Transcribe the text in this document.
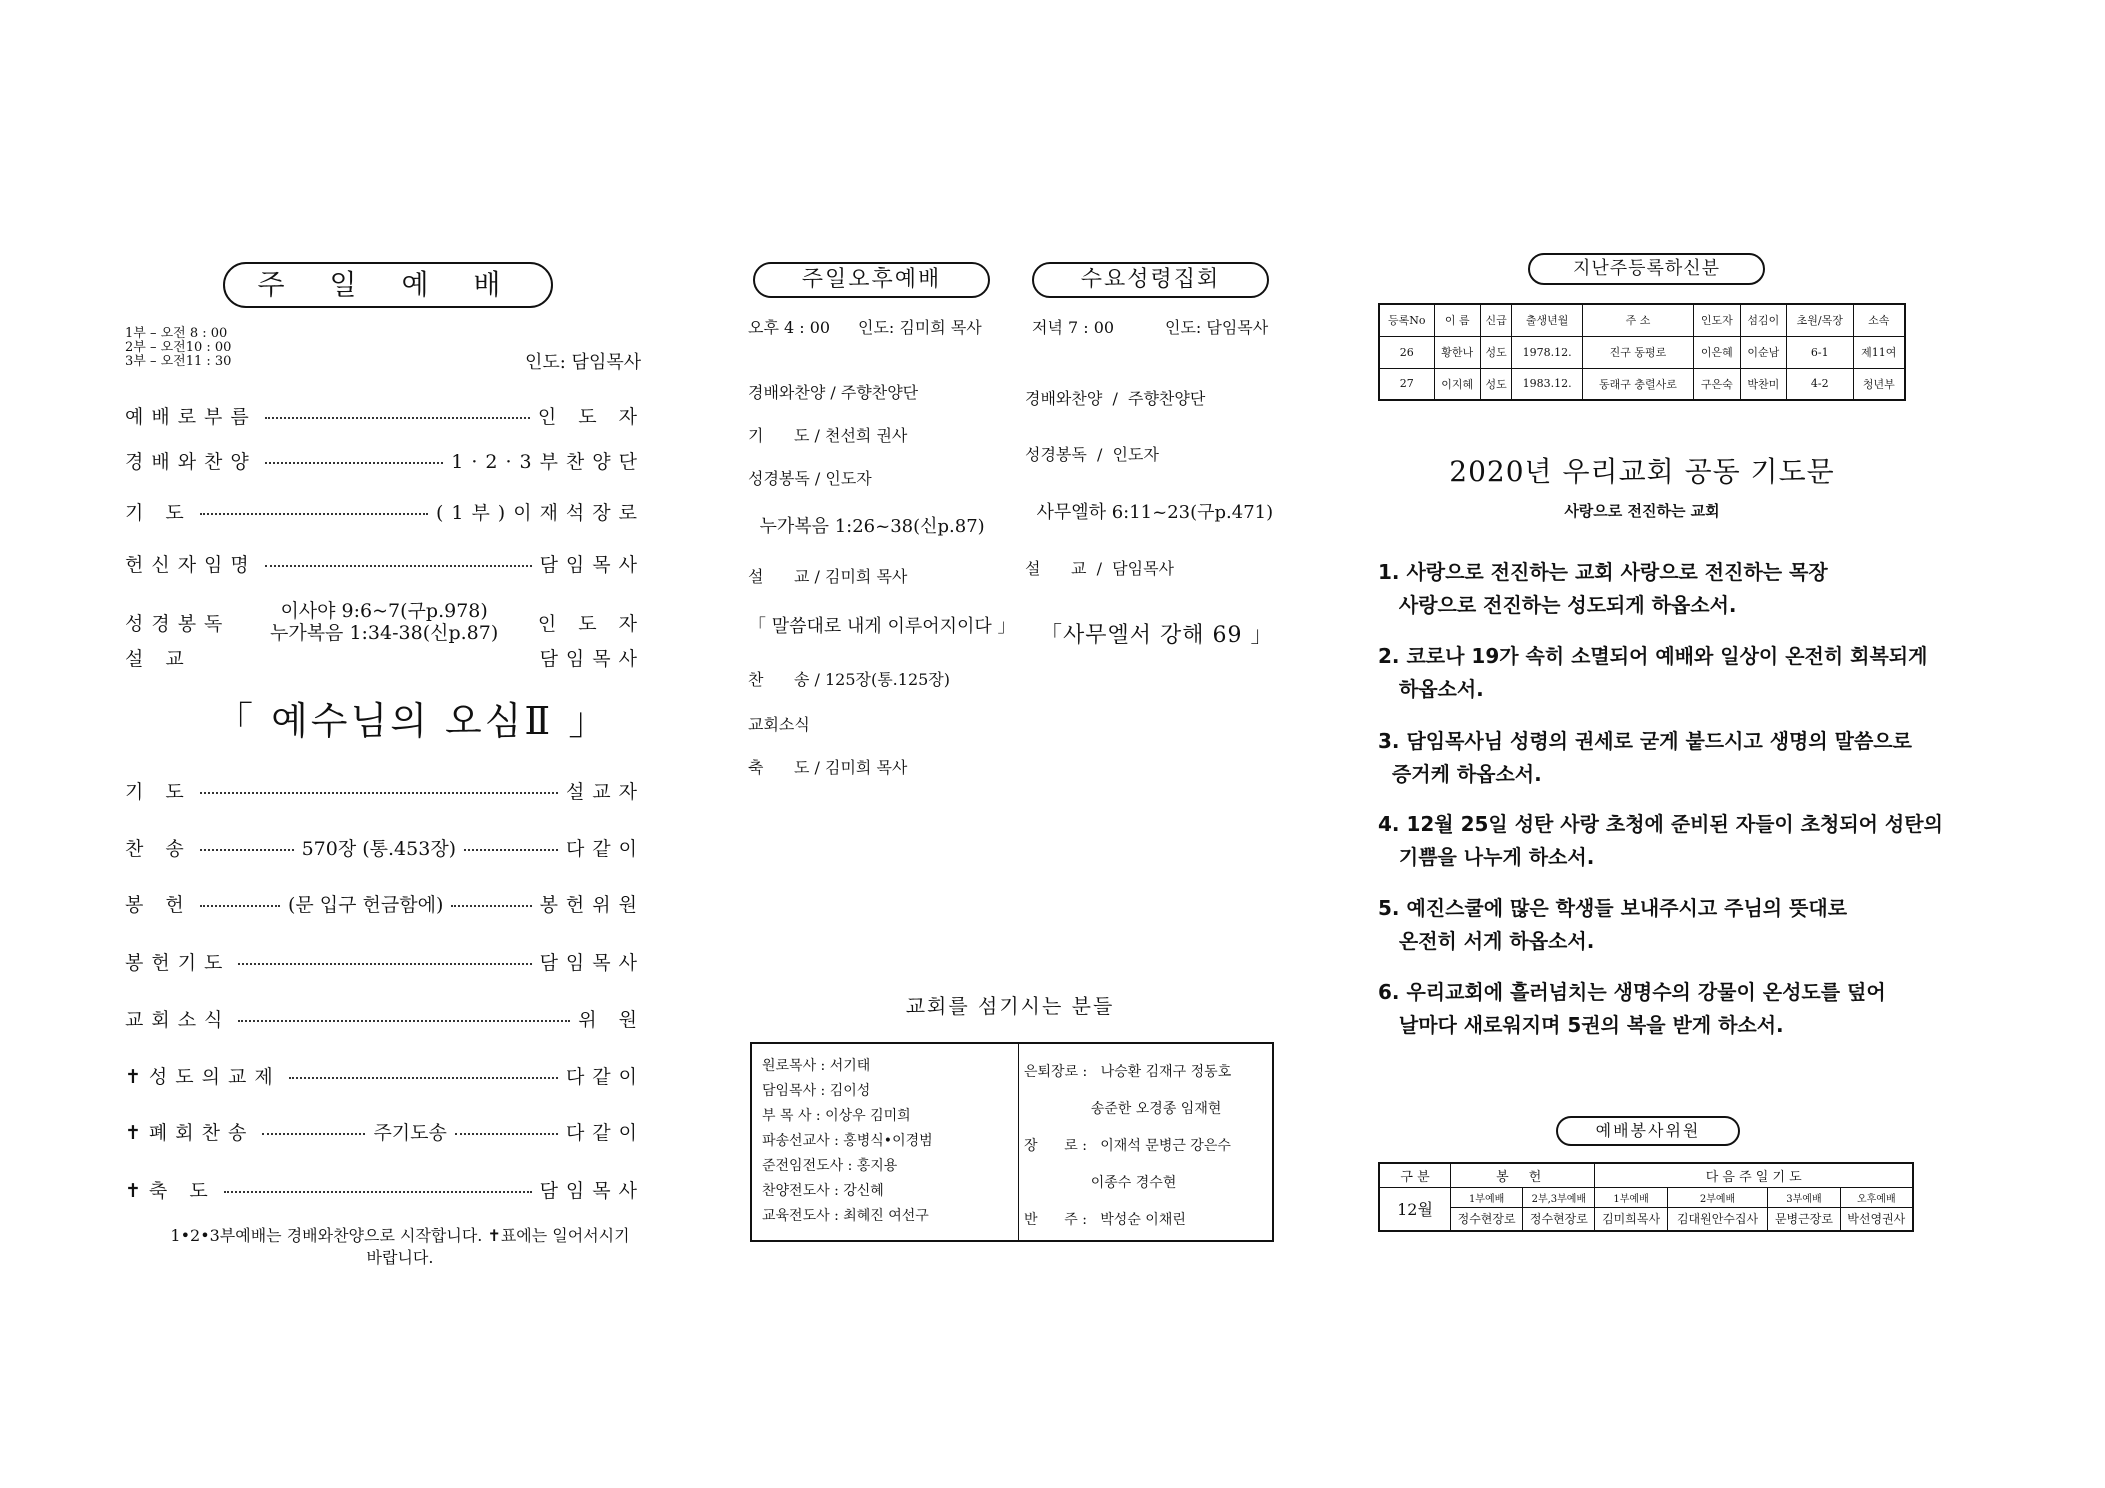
주 일 예 배
1부 – 오전 8 : 00
2부 – 오전10 : 00
3부 – 오전11 : 30	인도: 담임목사
예배로부름	인 도 자
경배와찬양	1·2·3부찬양단
기 도	(1부)이재석장로
헌신자임명	담임목사
성경봉독
이사야 9:6~7(구p.978)
누가복음 1:34-38(신p.87)	인 도 자
설 교	담임목사
「 예수님의 오심Ⅱ 」
기 도	설교자
찬 송	570장 (통.453장)	다같이
봉 헌	(문 입구 헌금함에)	봉헌위원
봉헌기도	담임목사
교회소식	위 원
✝성도의교제	다같이
✝폐회찬송	주기도송	다같이
✝축 도	담임목사
1•2•3부예배는 경배와찬양으로 시작합니다. ✝표에는 일어서시기
바랍니다.
주일오후예배	수요성령집회
오후 4 : 00 인도: 김미희 목사	저녁 7 : 00	인도: 담임목사
경배와찬양 / 주향찬양단
기      도 / 천선희 권사
성경봉독 / 인도자
누가복음 1:26~38(신p.87)
설      교 / 김미희 목사
「 말씀대로 내게 이루어지이다 」
찬      송 / 125장(통.125장)
교회소식
축      도 / 김미희 목사
경배와찬양  /  주향찬양단
성경봉독  /  인도자
사무엘하 6:11~23(구p.471)
설      교  /  담임목사
「사무엘서 강해 69 」
교회를 섬기시는 분들
원로목사 : 서기태
담임목사 : 김이성
부 목 사 : 이상우 김미희
파송선교사 : 홍병식•이경범
준전임전도사 : 홍지용
찬양전도사 : 강신혜
교육전도사 : 최혜진 여선구
은퇴장로 :   나승환 김재구 정동호
송준한 오경종 임재현
장      로 :   이재석 문병근 강은수
이종수 경수현
반      주 :   박성순 이채린
지난주등록하신분
등록No	이 름	신급	출생년월	주 소	인도자	섬김이	초원/목장	소속
26	황한나	성도	1978.12.	진구 동평로	이은혜	이순남	6-1	제11여
27	이지혜	성도	1983.12.	동래구 충렬사로	구은숙	박찬미	4-2	청년부
2020년 우리교회 공동 기도문
사랑으로 전진하는 교회
1. 사랑으로 전진하는 교회 사랑으로 전진하는 목장
사랑으로 전진하는 성도되게 하옵소서.
2. 코로나 19가 속히 소멸되어 예배와 일상이 온전히 회복되게
하옵소서.
3. 담임목사님 성령의 권세로 굳게 붙드시고 생명의 말씀으로
증거케 하옵소서.
4. 12월 25일 성탄 사랑 초청에 준비된 자들이 초청되어 성탄의
기쁨을 나누게 하소서.
5. 예진스쿨에 많은 학생들 보내주시고 주님의 뜻대로
온전히 서게 하옵소서.
6. 우리교회에 흘러넘치는 생명수의 강물이 온성도를 덮어
날마다 새로워지며 5권의 복을 받게 하소서.
예배봉사위원
구 분	봉 헌		다 음 주 일 기 도			
12월	1부예배	2부,3부예배	1부예배	2부예배	3부예배	오후예배
	정수현장로	정수현장로	김미희목사	김대원안수집사	문병근장로	박선영권사
